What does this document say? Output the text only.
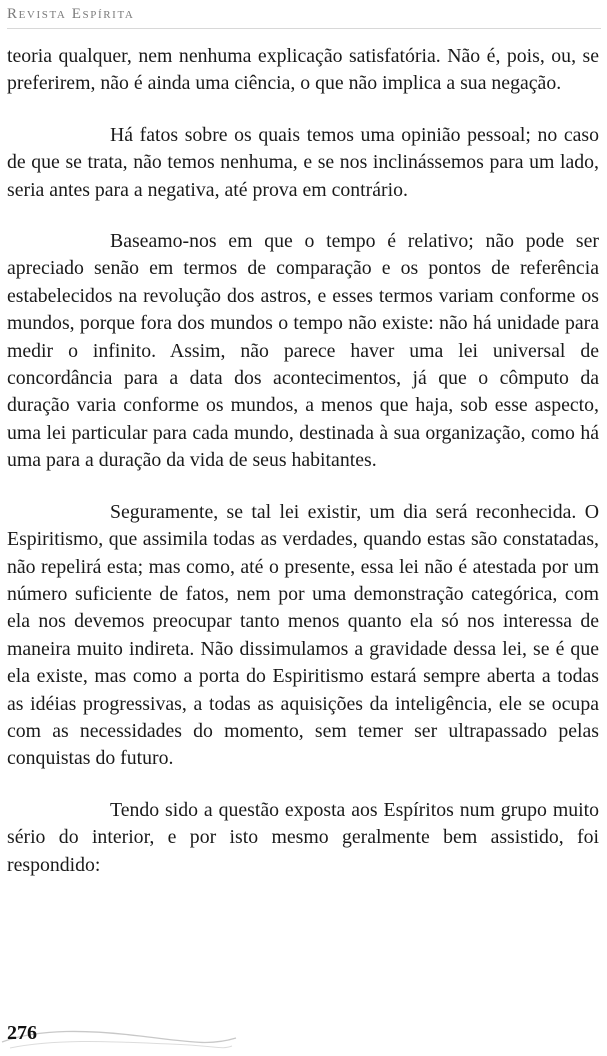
Revista Espírita

teoria qualquer, nem nenhuma explicação satisfatória. Não é, pois, ou, se preferirem, não é ainda uma ciência, o que não implica a sua negação.

Há fatos sobre os quais temos uma opinião pessoal; no caso de que se trata, não temos nenhuma, e se nos inclinássemos para um lado, seria antes para a negativa, até prova em contrário.

Baseamo-nos em que o tempo é relativo; não pode ser apreciado senão em termos de comparação e os pontos de referência estabelecidos na revolução dos astros, e esses termos variam conforme os mundos, porque fora dos mundos o tempo não existe: não há unidade para medir o infinito. Assim, não parece haver uma lei universal de concordância para a data dos acontecimentos, já que o cômputo da duração varia conforme os mundos, a menos que haja, sob esse aspecto, uma lei particular para cada mundo, destinada à sua organização, como há uma para a duração da vida de seus habitantes.

Seguramente, se tal lei existir, um dia será reconhecida. O Espiritismo, que assimila todas as verdades, quando estas são constatadas, não repelirá esta; mas como, até o presente, essa lei não é atestada por um número suficiente de fatos, nem por uma demonstração categórica, com ela nos devemos preocupar tanto menos quanto ela só nos interessa de maneira muito indireta. Não dissimulamos a gravidade dessa lei, se é que ela existe, mas como a porta do Espiritismo estará sempre aberta a todas as idéias progressivas, a todas as aquisições da inteligência, ele se ocupa com as necessidades do momento, sem temer ser ultrapassado pelas conquistas do futuro.

Tendo sido a questão exposta aos Espíritos num grupo muito sério do interior, e por isto mesmo geralmente bem assistido, foi respondido:

276
